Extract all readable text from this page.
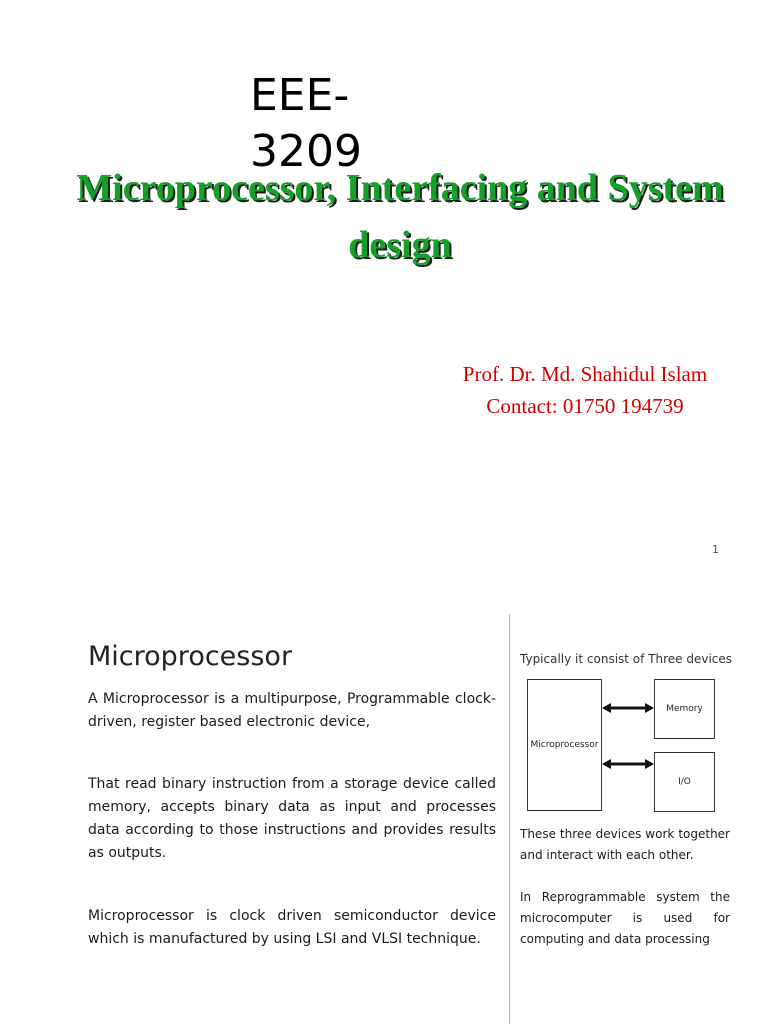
EEE-3209
Microprocessor, Interfacing and System design
Prof. Dr. Md. Shahidul Islam
Contact: 01750 194739
1
Microprocessor

A Microprocessor is a multipurpose, Programmable clock-driven, register based electronic device,

That read binary instruction from a storage device called memory, accepts binary data as input and processes data according to those instructions and provides results as outputs.

Microprocessor is clock driven semiconductor device which is manufactured by using LSI and VLSI technique.

Typically it consist of Three devices
Microprocessor
Memory
I/O

These three devices work together and interact with each other.

In Reprogrammable system the microcomputer is used for computing and data processing
